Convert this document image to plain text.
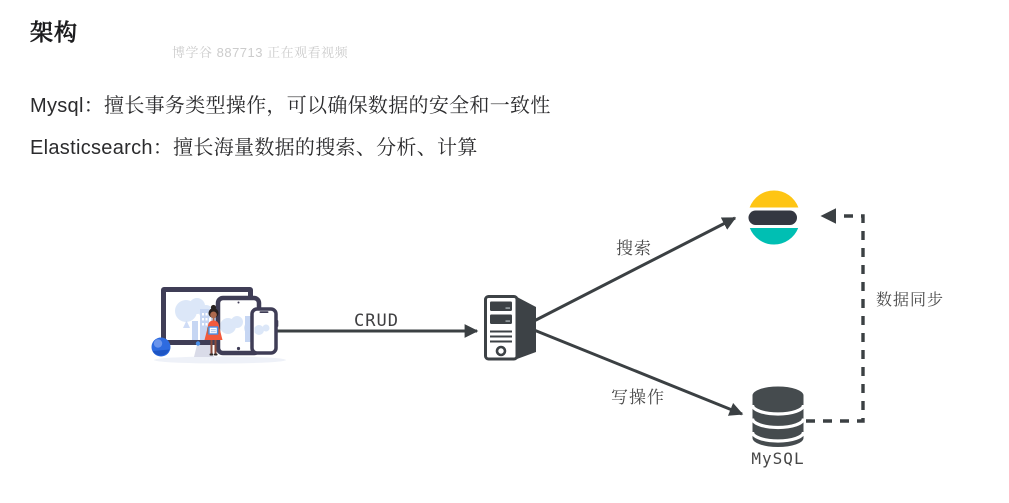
架构
博学谷 887713 正在观看视频

Mysql：擅长事务类型操作，可以确保数据的安全和一致性

Elasticsearch：擅长海量数据的搜索、分析、计算

CRUD
搜索
写操作
数据同步
MySQL
